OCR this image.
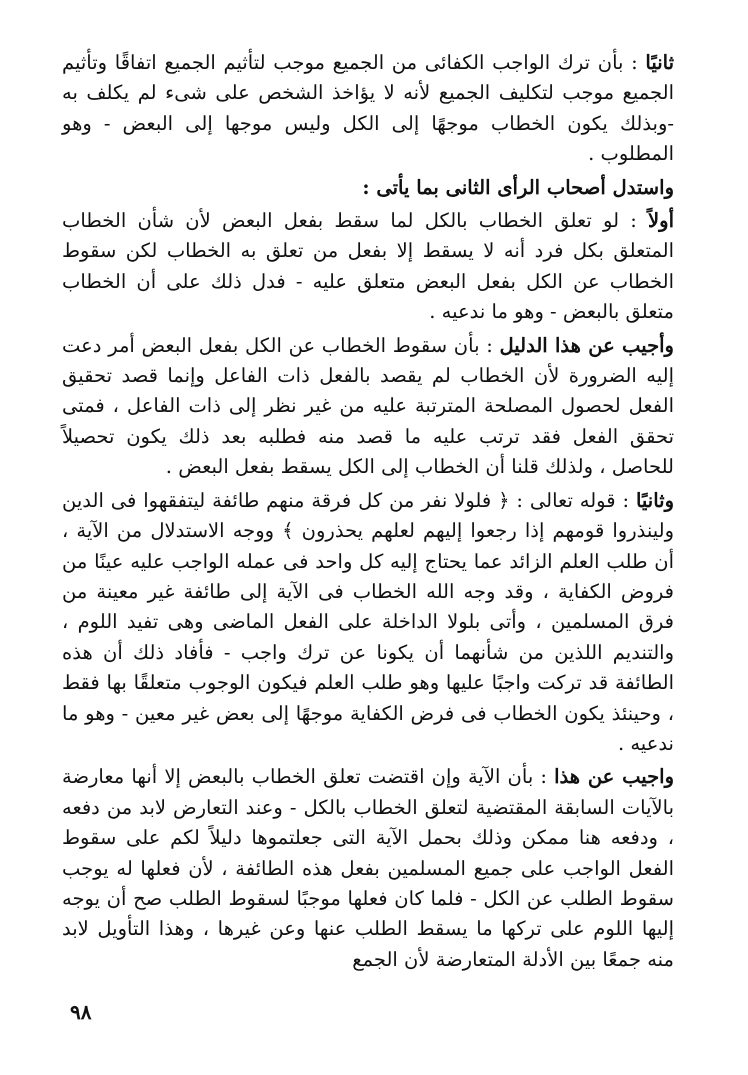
ثانيًا : بأن ترك الواجب الكفائى من الجميع موجب لتأثيم الجميع اتفاقًا وتأثيم الجميع موجب لتكليف الجميع لأنه لا يؤاخذ الشخص على شىء لم يكلف به -وبذلك يكون الخطاب موجهًا إلى الكل وليس موجها إلى البعض - وهو المطلوب .

واستدل أصحاب الرأى الثانى بما يأتى :

أولاً : لو تعلق الخطاب بالكل لما سقط بفعل البعض لأن شأن الخطاب المتعلق بكل فرد أنه لا يسقط إلا بفعل من تعلق به الخطاب لكن سقوط الخطاب عن الكل بفعل البعض متعلق عليه - فدل ذلك على أن الخطاب متعلق بالبعض - وهو ما ندعيه .

وأجيب عن هذا الدليل : بأن سقوط الخطاب عن الكل بفعل البعض أمر دعت إليه الضرورة لأن الخطاب لم يقصد بالفعل ذات الفاعل وإنما قصد تحقيق الفعل لحصول المصلحة المترتبة عليه من غير نظر إلى ذات الفاعل ، فمتى تحقق الفعل فقد ترتب عليه ما قصد منه فطلبه بعد ذلك يكون تحصيلاً للحاصل ، ولذلك قلنا أن الخطاب إلى الكل يسقط بفعل البعض .

وثانيًا : قوله تعالى : ﴿ فلولا نفر من كل فرقة منهم طائفة ليتفقهوا فى الدين ولينذروا قومهم إذا رجعوا إليهم لعلهم يحذرون ﴾ ووجه الاستدلال من الآية ، أن طلب العلم الزائد عما يحتاج إليه كل واحد فى عمله الواجب عليه عينًا من فروض الكفاية ، وقد وجه الله الخطاب فى الآية إلى طائفة غير معينة من فرق المسلمين ، وأتى بلولا الداخلة على الفعل الماضى وهى تفيد اللوم ، والتنديم اللذين من شأنهما أن يكونا عن ترك واجب - فأفاد ذلك أن هذه الطائفة قد تركت واجبًا عليها وهو طلب العلم فيكون الوجوب متعلقًا بها فقط ، وحينئذ يكون الخطاب فى فرض الكفاية موجهًا إلى بعض غير معين - وهو ما ندعيه .

واجيب عن هذا : بأن الآية وإن اقتضت تعلق الخطاب بالبعض إلا أنها معارضة بالآيات السابقة المقتضية لتعلق الخطاب بالكل - وعند التعارض لابد من دفعه ، ودفعه هنا ممكن وذلك بحمل الآية التى جعلتموها دليلاً لكم على سقوط الفعل الواجب على جميع المسلمين بفعل هذه الطائفة ، لأن فعلها له يوجب سقوط الطلب عن الكل - فلما كان فعلها موجبًا لسقوط الطلب صح أن يوجه إليها اللوم على تركها ما يسقط الطلب عنها وعن غيرها ، وهذا التأويل لابد منه جمعًا بين الأدلة المتعارضة لأن الجمع

٩٨
